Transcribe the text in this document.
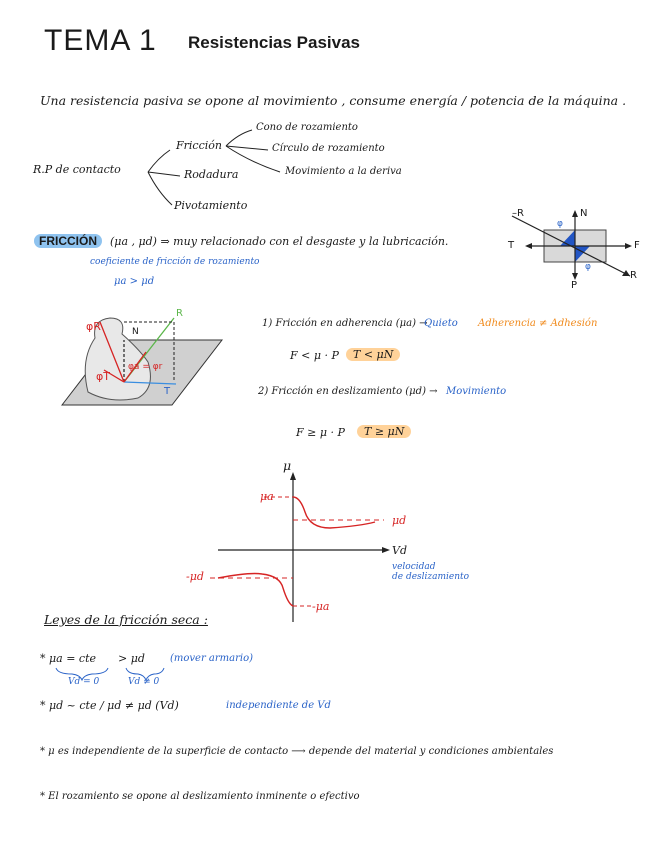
TEMA 1 Resistencias Pasivas
Una resistencia pasiva se opone al movimiento , consume energía / potencia de la máquina .
R.P de contacto
Fricción
Rodadura
Pivotamiento
Cono de rozamiento
Círculo de rozamiento
Movimiento a la deriva
FRICCIÓN	(μa , μd) ⇒ muy relacionado con el desgaste y la lubricación.
coeficiente de fricción de rozamiento
μa > μd
–R	N
T	F
P
R
φ
φ
φR	N
φT
φa = φr
R
T
1) Fricción en adherencia (μa) →
Quieto Adherencia ≠ Adhesión
F < μ · P	T < μN
2) Fricción en deslizamiento (μd) → Movimiento
F ≥ μ · P	T ≥ μN
μ
Vd
velocidad
de deslizamiento
μa
μd
-μd
-μa
Leyes de la fricción seca :
* μa = cte > μd	(mover armario)
Vd = 0	Vd ≠ 0
* μd ~ cte / μd ≠ μd (Vd)	independiente de Vd
* μ es independiente de la superficie de contacto ⟶ depende del material y condiciones ambientales
* El rozamiento se opone al deslizamiento inminente o efectivo
